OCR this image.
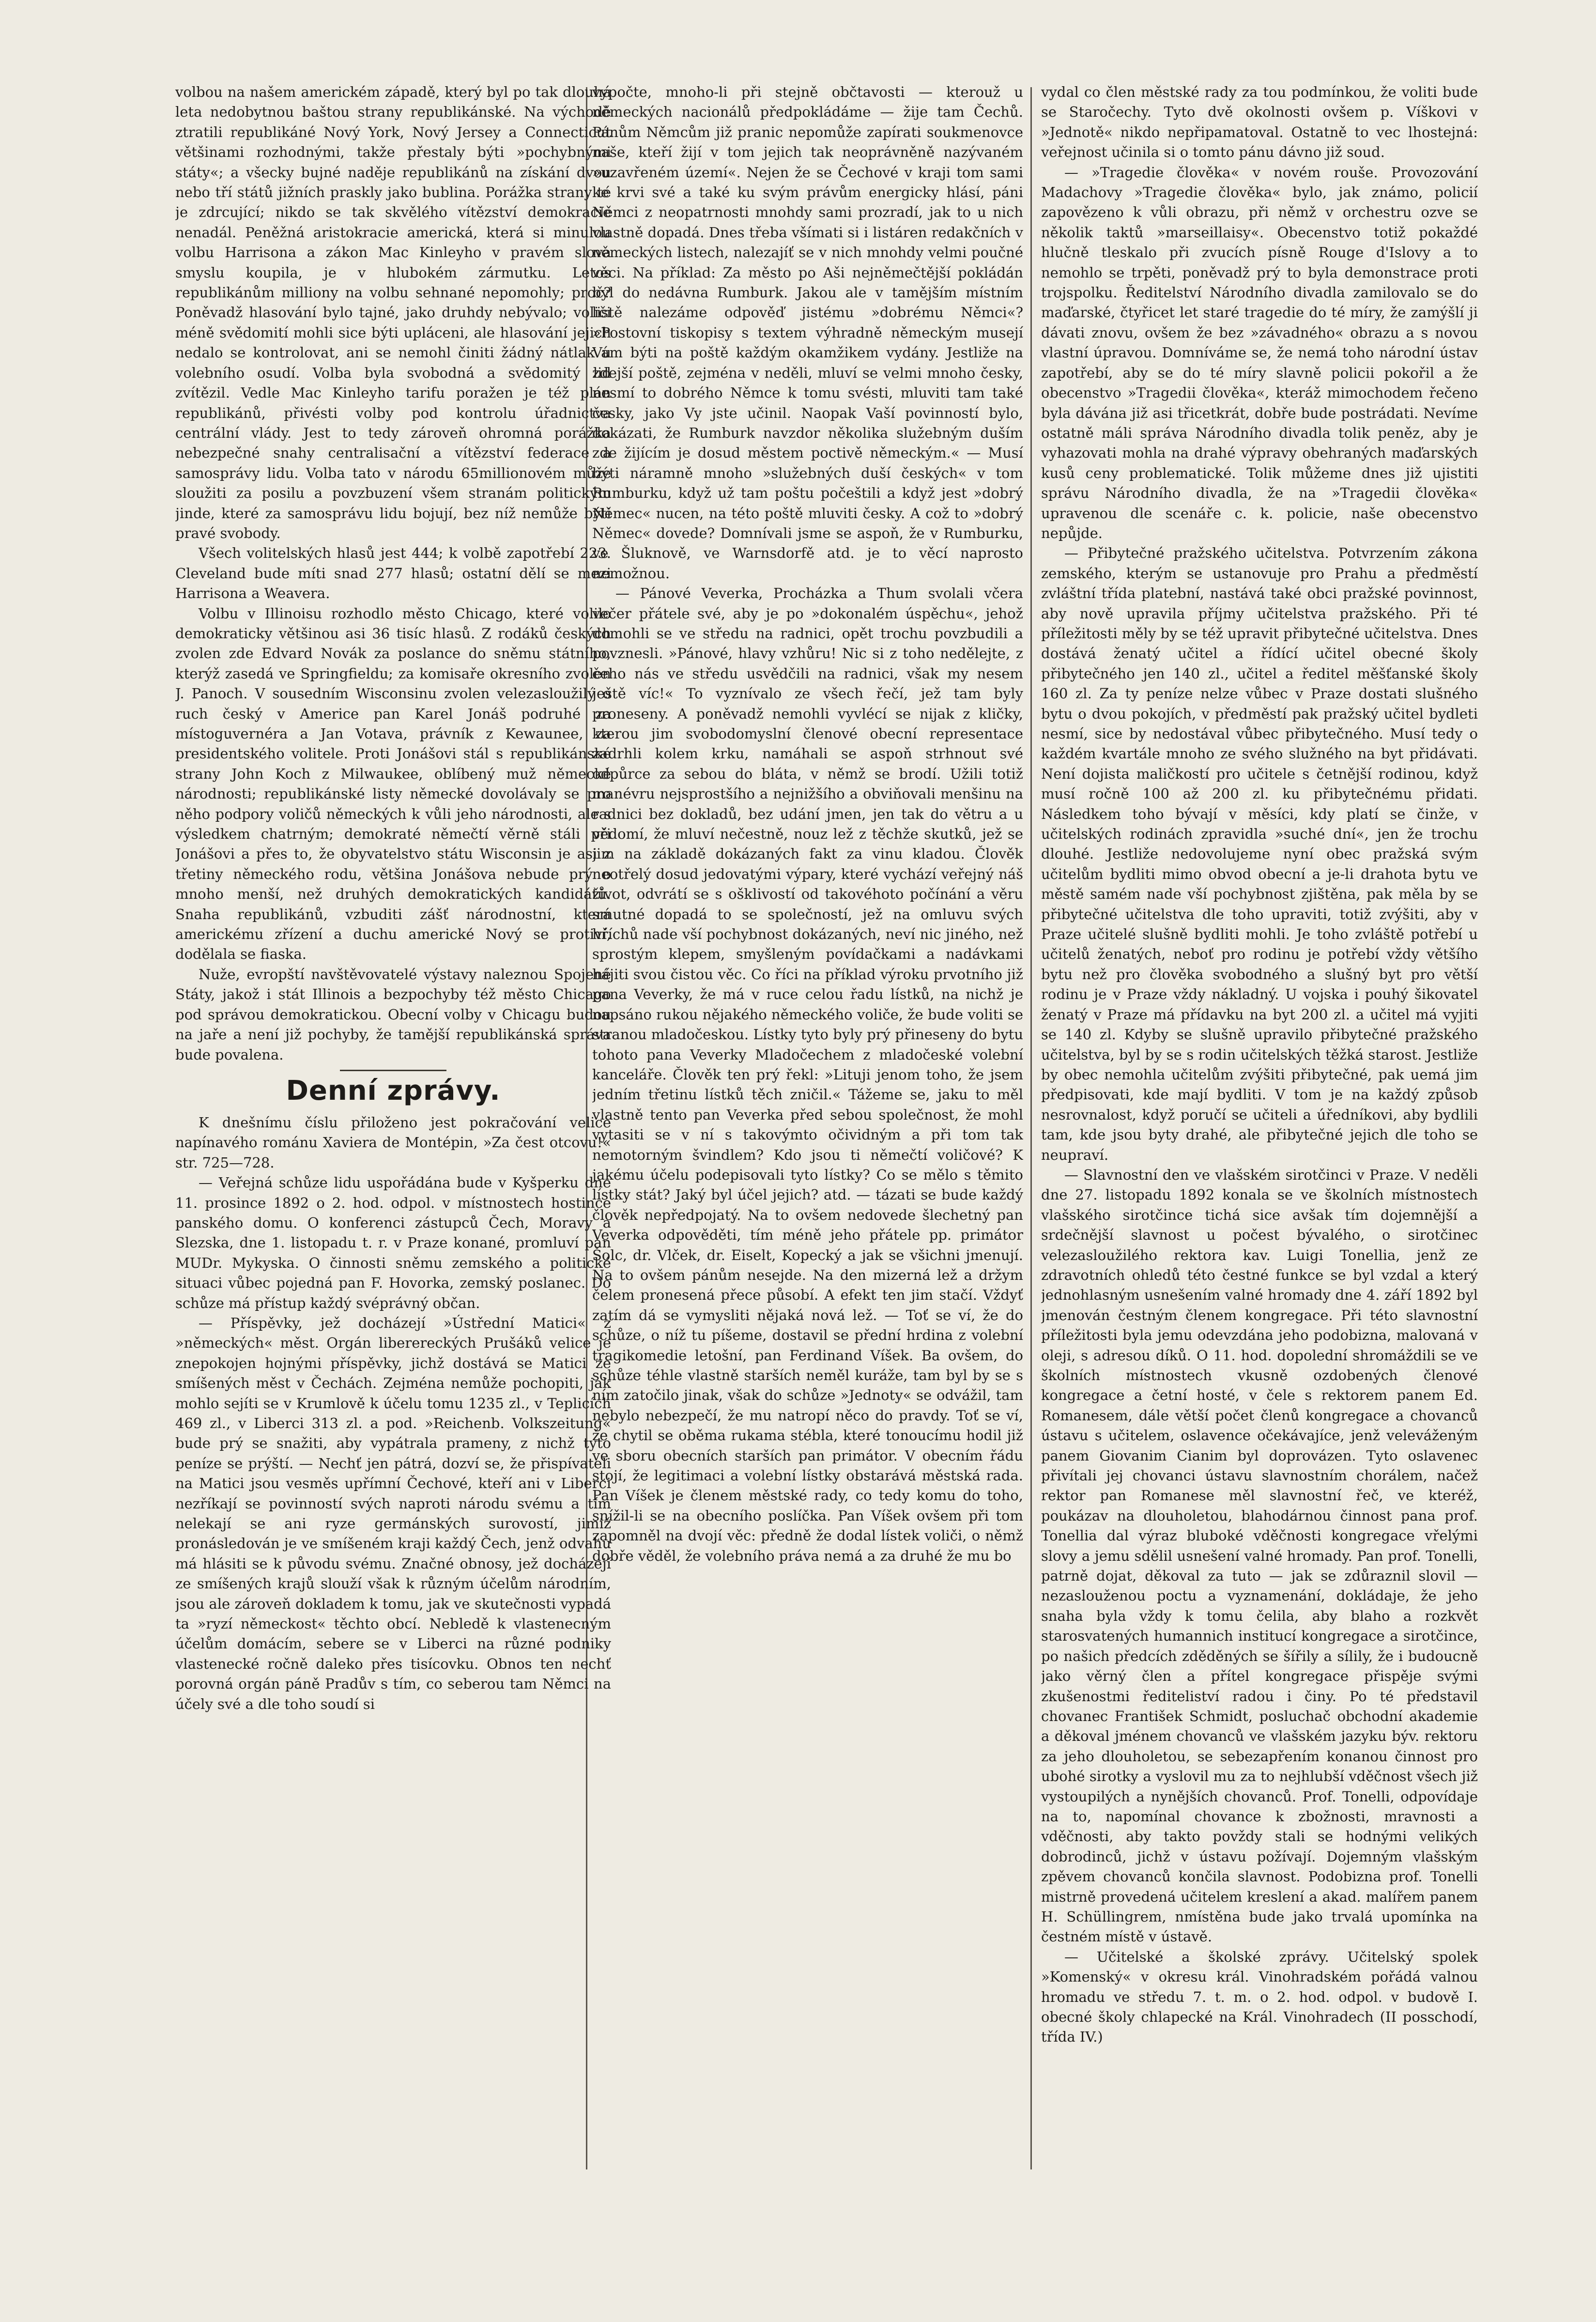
volbou na našem americkém západě, který byl po tak dlouhá leta nedobytnou baštou strany republikánské. Na východě ztratili republikáné Nový York, Nový Jersey a Connecticut většinami rozhodnými, takže přestaly býti »pochybnými státy«; a všecky bujné naděje republikánů na získání dvou nebo tří států jižních praskly jako bublina. Porážka strany té je zdrcující; nikdo se tak skvělého vítězství demokracie nenadál. Peněžná aristokracie americká, která si minulou volbu Harrisona a zákon Mac Kinleyho v pravém slova smyslu koupila, je v hlubokém zármutku. Letos republikánům milliony na volbu sehnané nepomohly; proč? Poněvadž hlasování bylo tajné, jako druhdy nebývalo; voliči méně svědomití mohli sice býti upláceni, ale hlasování jejich nedalo se kontrolovat, ani se nemohl činiti žádný nátlak u volebního osudí. Volba byla svobodná a svědomitý lid zvítězil. Vedle Mac Kinleyho tarifu poražen je též plán republikánů, přivésti volby pod kontrolu úřadnictva centrální vlády. Jest to tedy zároveň ohromná porážka nebezpečné snahy centralisační a vítězství federace a samosprávy lidu. Volba tato v národu 65millionovém může sloužiti za posilu a povzbuzení všem stranám politickým jinde, které za samosprávu lidu bojují, bez níž nemůže býti pravé svobody.

Všech volitelských hlasů jest 444; k volbě zapotřebí 223. Cleveland bude míti snad 277 hlasů; ostatní dělí se mezi Harrisona a Weavera.

Volbu v Illinoisu rozhodlo město Chicago, které volilo demokraticky většinou asi 36 tisíc hlasů. Z rodáků českých zvolen zde Edvard Novák za poslance do sněmu státního, kterýž zasedá ve Springfieldu; za komisaře okresního zvolen J. Panoch. V sousedním Wisconsinu zvolen velezasloužilý o ruch český v Americe pan Karel Jonáš podruhé za místoguvernéra a Jan Votava, právník z Kewaunee, za presidentského volitele. Proti Jonášovi stál s republikánské strany John Koch z Milwaukee, oblíbený muž německé národnosti; republikánské listy německé dovolávaly se pro něho podpory voličů německých k vůli jeho národnosti, ale s výsledkem chatrným; demokraté němečtí věrně stáli při Jonášovi a přes to, že obyvatelstvo státu Wisconsin je asi z třetiny německého rodu, většina Jonášova nebude prý o mnoho menší, než druhých demokratických kandidátů. Snaha republikánů, vzbuditi zášť národnostní, která americkému zřízení a duchu americké Nový se protiví, dodělala se fiaska.

Nuže, evropští navštěvovatelé výstavy naleznou Spojené Státy, jakož i stát Illinois a bezpochyby též město Chicago pod správou demokratickou. Obecní volby v Chicagu budou na jaře a není již pochyby, že tamější republikánská správa bude povalena.

Denní zprávy.

K dnešnímu číslu přiloženo jest pokračování velice napínavého románu Xaviera de Montépin, »Za čest otcovu!« str. 725—728.

— Veřejná schůze lidu uspořádána bude v Kyšperku dne 11. prosince 1892 o 2. hod. odpol. v místnostech hostince panského domu. O konferenci zástupců Čech, Moravy a Slezska, dne 1. listopadu t. r. v Praze konané, promluví pan MUDr. Mykyska. O činnosti sněmu zemského a politické situaci vůbec pojedná pan F. Hovorka, zemský poslanec. Do schůze má přístup každý svéprávný občan.

— Příspěvky, jež docházejí »Ústřední Matici« z »německých« měst. Orgán liberereckých Prušáků velice je znepokojen hojnými příspěvky, jichž dostává se Matici ze smíšených měst v Čechách. Zejména nemůže pochopiti, jak mohlo sejíti se v Krumlově k účelu tomu 1235 zl., v Teplicích 469 zl., v Liberci 313 zl. a pod. »Reichenb. Volkszeitung« bude prý se snažiti, aby vypátrala prameny, z nichž tyto peníze se prýští. — Nechť jen pátrá, dozví se, že přispívateli na Matici jsou vesměs upřímní Čechové, kteří ani v Liberci nezříkají se povinností svých naproti národu svému a tím nelekají se ani ryze germánských surovostí, jimiž pronásledován je ve smíšeném kraji každý Čech, jenž odvahu má hlásiti se k původu svému. Značné obnosy, jež docházejí ze smíšených krajů slouží však k různým účelům národním, jsou ale zároveň dokladem k tomu, jak ve skutečnosti vypadá ta »ryzí německost« těchto obcí. Nebledě k vlastenecným účelům domácím, sebere se v Liberci na různé podniky vlastenecké ročně daleko přes tisícovku. Obnos ten nechť porovná orgán páně Pradův s tím, co seberou tam Němci na účely své a dle toho soudí si

vypočte, mnoho-li při stejně občtavosti — kterouž u německých nacionálů předpokládáme — žije tam Čechů. Pánům Němcům již pranic nepomůže zapírati soukmenovce naše, kteří žijí v tom jejich tak neoprávněně nazývaném »uzavřeném území«. Nejen že se Čechové v kraji tom sami ke krvi své a také ku svým právům energicky hlásí, páni Němci z neopatrnosti mnohdy sami prozradí, jak to u nich vlastně dopadá. Dnes třeba všímati si i listáren redakčních v německých listech, nalezajíť se v nich mnohdy velmi poučné věci. Na příklad: Za město po Aši nejněmečtější pokládán byl do nedávna Rumburk. Jakou ale v tamějším místním listě nalezáme odpověď jistému »dobrému Němci«? »Postovní tiskopisy s textem výhradně německým musejí Vám býti na poště každým okamžikem vydány. Jestliže na zdejší poště, zejména v neděli, mluví se velmi mnoho česky, nesmí to dobrého Němce k tomu svésti, mluviti tam také česky, jako Vy jste učinil. Naopak Vaší povinností bylo, dokázati, že Rumburk navzdor několika služebným duším zde žijícím je dosud městem poctivě německým.« — Musí býti náramně mnoho »služebných duší českých« v tom Rumburku, když už tam poštu počeštili a když jest »dobrý Němec« nucen, na této poště mluviti česky. A což to »dobrý Němec« dovede? Domnívali jsme se aspoň, že v Rumburku, ve Šluknově, ve Warnsdorfě atd. je to věcí naprosto nemožnou.

— Pánové Veverka, Procházka a Thum svolali včera večer přátele své, aby je po »dokonalém úspěchu«, jehož domohli se ve středu na radnici, opět trochu povzbudili a povznesli. »Pánové, hlavy vzhůru! Nic si z toho nedělejte, z čeho nás ve středu usvědčili na radnici, však my nesem ještě víc!« To vyznívalo ze všech řečí, jež tam byly proneseny. A poněvadž nemohli vyvlécí se nijak z kličky, kterou jim svobodomyslní členové obecní representace zadrhli kolem krku, namáhali se aspoň strhnout své odpůrce za sebou do bláta, v němž se brodí. Užili totiž manévru nejsprostšího a nejnižšího a obviňovali menšinu na radnici bez dokladů, bez udání jmen, jen tak do větru a u vědomí, že mluví nečestně, nouz lež z těchže skutků, jež se jim na základě dokázaných fakt za vinu kladou. Člověk neotřelý dosud jedovatými výpary, které vychází veřejný náš život, odvrátí se s ošklivostí od takovéhoto počínání a věru smutné dopadá to se společností, jež na omluvu svých hříchů nade vší pochybnost dokázaných, neví nic jiného, než sprostým klepem, smyšleným povídačkami a nadávkami hájiti svou čistou věc. Co říci na příklad výroku prvotního již pana Veverky, že má v ruce celou řadu lístků, na nichž je napsáno rukou nějakého německého voliče, že bude voliti se stranou mladočeskou. Lístky tyto byly prý přineseny do bytu tohoto pana Veverky Mladočechem z mladočeské volební kanceláře. Člověk ten prý řekl: »Lituji jenom toho, že jsem jedním třetinu lístků těch zničil.« Tážeme se, jaku to měl vlastně tento pan Veverka před sebou společnost, že mohl vytasiti se v ní s takovýmto očividným a při tom tak nemotorným švindlem? Kdo jsou ti němečtí voličové? K jakému účelu podepisovali tyto lístky? Co se mělo s těmito lístky stát? Jaký byl účel jejich? atd. — tázati se bude každý člověk nepředpojatý. Na to ovšem nedovede šlechetný pan Veverka odpověděti, tím méně jeho přátele pp. primátor Šolc, dr. Vlček, dr. Eiselt, Kopecký a jak se všichni jmenují. Na to ovšem pánům nesejde. Na den mizerná lež a držym čelem pronesená přece působí. A efekt ten jim stačí. Vždyť zatím dá se vymysliti nějaká nová lež. — Toť se ví, že do schůze, o níž tu píšeme, dostavil se přední hrdina z volební tragikomedie letošní, pan Ferdinand Víšek. Ba ovšem, do schůze téhle vlastně starších neměl kuráže, tam byl by se s ním zatočilo jinak, však do schůze »Jednoty« se odvážil, tam nebylo nebezpečí, že mu natropí něco do pravdy. Toť se ví, že chytil se oběma rukama stébla, které tonoucímu hodil již ve sboru obecních starších pan primátor. V obecním řádu stojí, že legitimaci a volební lístky obstarává městská rada. Pan Víšek je členem městské rady, co tedy komu do toho, snížil-li se na obecního poslíčka. Pan Víšek ovšem při tom zapomněl na dvojí věc: předně že dodal lístek voliči, o němž dobře věděl, že volebního práva nemá a za druhé že mu bo

vydal co člen městské rady za tou podmínkou, že voliti bude se Staročechy. Tyto dvě okolnosti ovšem p. Víškovi v »Jednotě« nikdo nepřipamatoval. Ostatně to vec lhostejná: veřejnost učinila si o tomto pánu dávno již soud.

— »Tragedie člověka« v novém rouše. Provozování Madachovy »Tragedie člověka« bylo, jak známo, policií zapovězeno k vůli obrazu, při němž v orchestru ozve se několik taktů »marseillaisy«. Obecenstvo totiž pokaždé hlučně tleskalo při zvucích písně Rouge d'Islovy a to nemohlo se trpěti, poněvadž prý to byla demonstrace proti trojspolku. Ředitelství Národního divadla zamilovalo se do maďarské, čtyřicet let staré tragedie do té míry, že zamýšlí ji dávati znovu, ovšem že bez »závadného« obrazu a s novou vlastní úpravou. Domníváme se, že nemá toho národní ústav zapotřebí, aby se do té míry slavně policii pokořil a že obecenstvo »Tragedii člověka«, kteráž mimochodem řečeno byla dávána již asi třicetkrát, dobře bude postrádati. Nevíme ostatně máli správa Národního divadla tolik peněz, aby je vyhazovati mohla na drahé výpravy obehraných maďarských kusů ceny problematické. Tolik můžeme dnes již ujistiti správu Národního divadla, že na »Tragedii člověka« upravenou dle scenáře c. k. policie, naše obecenstvo nepůjde.

— Přibytečné pražského učitelstva. Potvrzením zákona zemského, kterým se ustanovuje pro Prahu a předměstí zvláštní třída platební, nastává také obci pražské povinnost, aby nově upravila příjmy učitelstva pražského. Při té příležitosti měly by se též upravit přibytečné učitelstva. Dnes dostává ženatý učitel a řídící učitel obecné školy přibytečného jen 140 zl., učitel a ředitel měšťanské školy 160 zl. Za ty peníze nelze vůbec v Praze dostati slušného bytu o dvou pokojích, v předměstí pak pražský učitel bydleti nesmí, sice by nedostával vůbec přibytečného. Musí tedy o každém kvartále mnoho ze svého služného na byt přidávati. Není dojista maličkostí pro učitele s četnější rodinou, když musí ročně 100 až 200 zl. ku přibytečnému přidati. Následkem toho bývají v měsíci, kdy platí se činže, v učitelských rodinách zpravidla »suché dní«, jen že trochu dlouhé. Jestliže nedovolujeme nyní obec pražská svým učitelům bydliti mimo obvod obecní a je-li drahota bytu ve městě samém nade vší pochybnost zjištěna, pak měla by se přibytečné učitelstva dle toho upraviti, totiž zvýšiti, aby v Praze učitelé slušně bydliti mohli. Je toho zvláště potřebí u učitelů ženatých, neboť pro rodinu je potřebí vždy většího bytu než pro člověka svobodného a slušný byt pro větší rodinu je v Praze vždy nákladný. U vojska i pouhý šikovatel ženatý v Praze má přídavku na byt 200 zl. a učitel má vyjiti se 140 zl. Kdyby se slušně upravilo přibytečné pražského učitelstva, byl by se s rodin učitelských těžká starost. Jestliže by obec nemohla učitelům zvýšiti přibytečné, pak uemá jim předpisovati, kde mají bydliti. V tom je na každý způsob nesrovnalost, když poručí se učiteli a úředníkovi, aby bydlili tam, kde jsou byty drahé, ale přibytečné jejich dle toho se neupraví.

— Slavnostní den ve vlašském sirotčinci v Praze. V neděli dne 27. listopadu 1892 konala se ve školních místnostech vlašského sirotčince tichá sice avšak tím dojemnější a srdečnější slavnost u počest bývalého, o sirotčinec velezasloužilého rektora kav. Luigi Tonellia, jenž ze zdravotních ohledů této čestné funkce se byl vzdal a který jednohlasným usnešením valné hromady dne 4. září 1892 byl jmenován čestným členem kongregace. Při této slavnostní příležitosti byla jemu odevzdána jeho podobizna, malovaná v oleji, s adresou díků. O 11. hod. dopolední shromáždili se ve školních místnostech vkusně ozdobených členové kongregace a četní hosté, v čele s rektorem panem Ed. Romanesem, dále větší počet členů kongregace a chovanců ústavu s učitelem, oslavence očekávajíce, jenž veleváženým panem Giovanim Cianim byl doprovázen. Tyto oslavenec přivítali jej chovanci ústavu slavnostním chorálem, načež rektor pan Romanese měl slavnostní řeč, ve kteréž, poukázav na dlouholetou, blahodárnou činnost pana prof. Tonellia dal výraz bluboké vděčnosti kongregace vřelými slovy a jemu sdělil usnešení valné hromady. Pan prof. Tonelli, patrně dojat, děkoval za tuto — jak se zdůraznil slovil — nezaslouženou poctu a vyznamenání, dokládaje, že jeho snaha byla vždy k tomu čelila, aby blaho a rozkvět starosvatených humannich institucí kongregace a sirotčince, po našich předcích zděděných se šířily a sílily, že i budoucně jako věrný člen a přítel kongregace přispěje svými zkušenostmi řediteliství radou i činy. Po té představil chovanec František Schmidt, posluchač obchodní akademie a děkoval jménem chovanců ve vlašském jazyku býv. rektoru za jeho dlouholetou, se sebezapřením konanou činnost pro ubohé sirotky a vyslovil mu za to nejhlubší vděčnost všech již vystoupilých a nynějších chovanců. Prof. Tonelli, odpovídaje na to, napomínal chovance k zbožnosti, mravnosti a vděčnosti, aby takto povždy stali se hodnými velikých dobrodinců, jichž v ústavu požívají. Dojemným vlašským zpěvem chovanců končila slavnost. Podobizna prof. Tonelli mistrně provedená učitelem kreslení a akad. malířem panem H. Schüllingrem, nmístěna bude jako trvalá upomínka na čestném místě v ústavě.

— Učitelské a školské zprávy. Učitelský spolek »Komenský« v okresu král. Vinohradském pořádá valnou hromadu ve středu 7. t. m. o 2. hod. odpol. v budově I. obecné školy chlapecké na Král. Vinohradech (II posschodí, třída IV.)
